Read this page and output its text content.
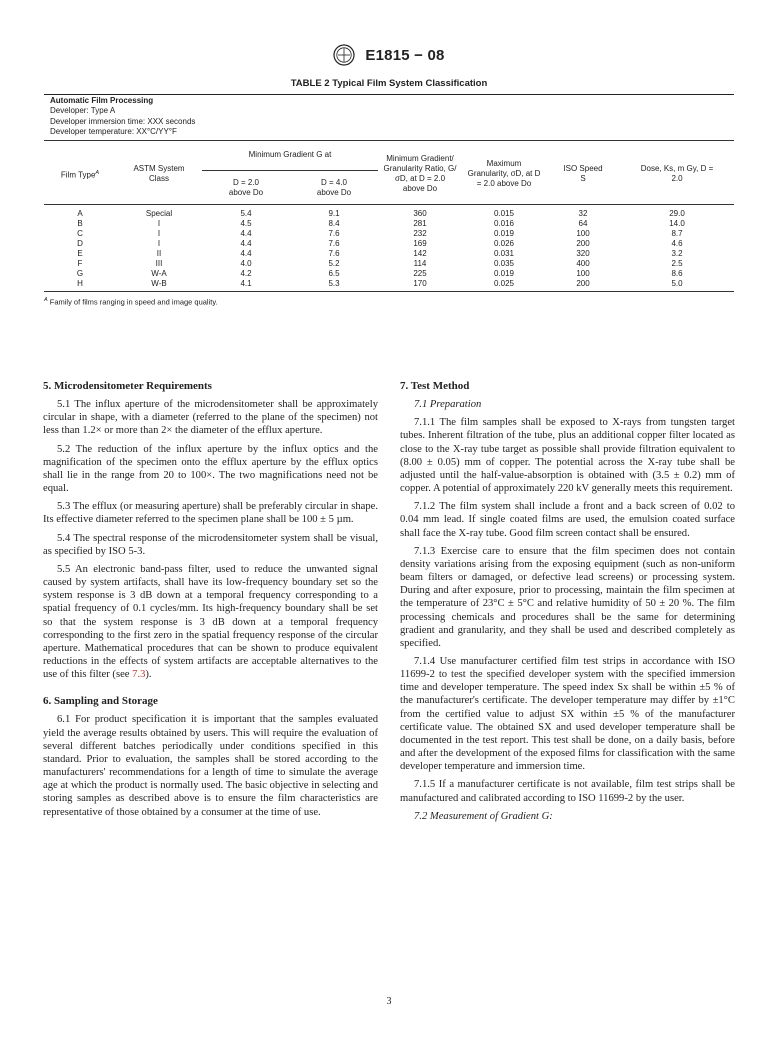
E1815 − 08
TABLE 2 Typical Film System Classification
Automatic Film Processing
Developer: Type A
Developer immersion time: XXX seconds
Developer temperature: XX°C/YY°F
Film Type$^A$	ASTM System Class	Minimum Gradient G at		Minimum Gradient/ Granularity Ratio, G/σD, at D = 2.0 above Do	Maximum Granularity, σD, at D = 2.0 above Do	ISO Speed S	Dose, Ks, m Gy, D = 2.0
		D = 2.0 above Do	D = 4.0 above Do				

A	Special	5.4	9.1	360	0.015	32	29.0
B	I	4.5	8.4	281	0.016	64	14.0
C	I	4.4	7.6	232	0.019	100	8.7
D	I	4.4	7.6	169	0.026	200	4.6
E	II	4.4	7.6	142	0.031	320	3.2
F	III	4.0	5.2	114	0.035	400	2.5
G	W-A	4.2	6.5	225	0.019	100	8.6
H	W-B	4.1	5.3	170	0.025	200	5.0
$^A$ Family of films ranging in speed and image quality.
5. Microdensitometer Requirements

5.1 The influx aperture of the microdensitometer shall be approximately circular in shape, with a diameter (referred to the plane of the specimen) not less than 1.2× or more than 2× the diameter of the efflux aperture.

5.2 The reduction of the influx aperture by the influx optics and the magnification of the specimen onto the efflux aperture by the efflux optics shall lie in the range from 20 to 100×. The two magnifications need not be equal.

5.3 The efflux (or measuring aperture) shall be preferably circular in shape. Its effective diameter referred to the specimen plane shall be 100 ± 5 µm.

5.4 The spectral response of the microdensitometer system shall be visual, as specified by ISO 5-3.

5.5 An electronic band-pass filter, used to reduce the unwanted signal caused by system artifacts, shall have its low-frequency boundary set so the system response is 3 dB down at a temporal frequency corresponding to a spatial frequency of 0.1 cycles/mm. Its high-frequency boundary shall be set so that the system response is 3 dB down at a temporal frequency corresponding to the first zero in the spatial frequency response of the circular aperture. Mathematical procedures that can be shown to produce equivalent reductions in the effects of system artifacts are acceptable alternatives to the use of this filter (see 7.3).

6. Sampling and Storage

6.1 For product specification it is important that the samples evaluated yield the average results obtained by users. This will require the evaluation of several different batches periodically under conditions specified in this standard. Prior to evaluation, the samples shall be stored according to the manufacturers' recommendations for a length of time to simulate the average age at which the product is normally used. The basic objective in selecting and storing samples as described above is to ensure the film characteristics are representative of those obtained by a consumer at the time of use.

7. Test Method

7.1 Preparation

7.1.1 The film samples shall be exposed to X-rays from tungsten target tubes. Inherent filtration of the tube, plus an additional copper filter located as close to the X-ray tube target as possible shall provide filtration equivalent to (8.00 ± 0.05) mm of copper. The potential across the X-ray tube shall be adjusted until the half-value-absorption is obtained with (3.5 ± 0.2) mm of copper. A potential of approximately 220 kV generally meets this requirement.

7.1.2 The film system shall include a front and a back screen of 0.02 to 0.04 mm lead. If single coated films are used, the emulsion coated surface shall face the X-ray tube. Good film screen contact shall be ensured.

7.1.3 Exercise care to ensure that the film specimen does not contain density variations arising from the exposing equipment (such as non-uniform beam filters or damaged, or defective lead screens) or processing system. During and after exposure, prior to processing, maintain the film specimen at the temperature of 23°C ± 5°C and relative humidity of 50 ± 20 %. The film processing chemicals and procedures shall be the same for determining gradient and granularity, and they shall be used and described completely as specified.

7.1.4 Use manufacturer certified film test strips in accordance with ISO 11699-2 to test the specified developer system with the specified immersion time and developer temperature. The speed index Sx shall be within ±5 % of the manufacturer's certificate. The developer temperature may differ by ±1°C from the certified value to adjust SX within ±5 % of the manufacturer certificate value. The obtained SX and used developer temperature shall be documented in the test report. This test shall be done, on a daily basis, before and after the development of the exposed films for classification with the same developer temperature and immersion time.

7.1.5 If a manufacturer certificate is not available, film test strips shall be manufactured and calibrated according to ISO 11699-2 by the user.

7.2 Measurement of Gradient G:

3
